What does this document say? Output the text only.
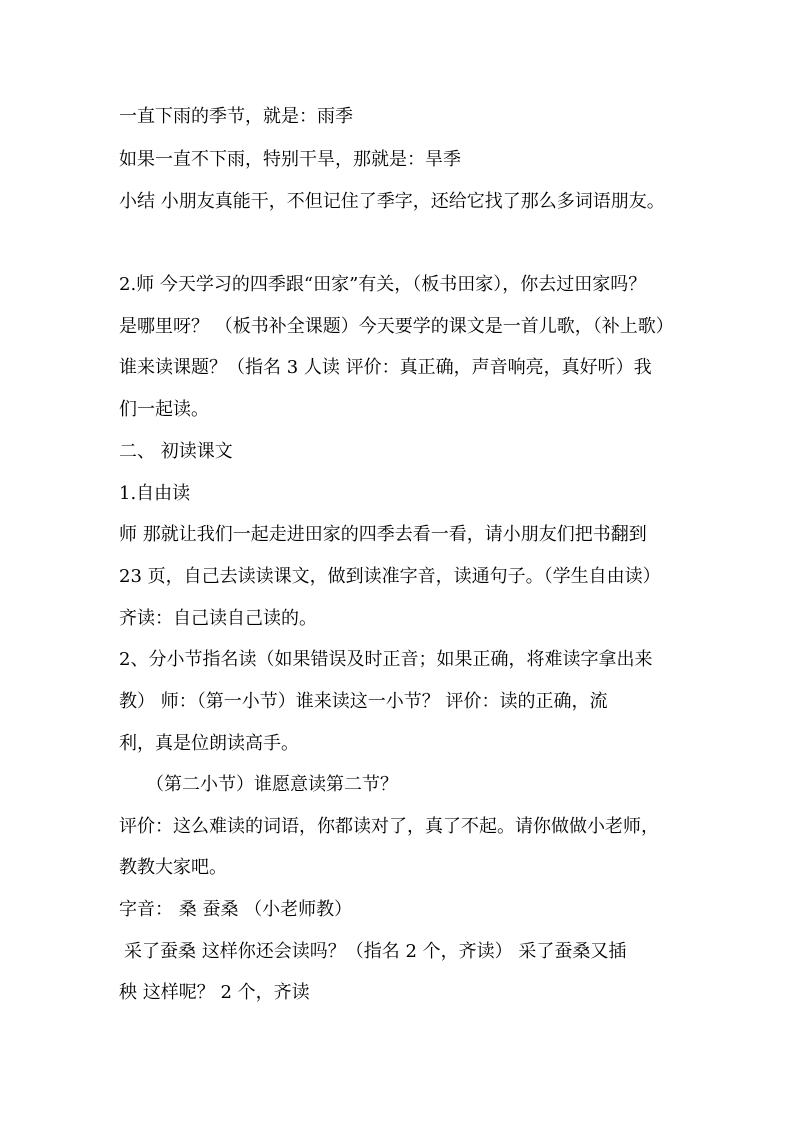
一直下雨的季节，就是：雨季
如果一直不下雨，特别干旱，那就是：旱季
小结 小朋友真能干，不但记住了季字，还给它找了那么多词语朋友。
2.师 今天学习的四季跟“田家”有关，（板书田家），你去过田家吗？
是哪里呀？ （板书补全课题）今天要学的课文是一首儿歌，（补上歌）
谁来读课题？（指名 3 人读 评价：真正确，声音响亮，真好听）我
们一起读。
二、 初读课文
1.自由读
师 那就让我们一起走进田家的四季去看一看，请小朋友们把书翻到
23 页，自己去读读课文，做到读准字音，读通句子。（学生自由读）
齐读：自己读自己读的。
2、分小节指名读（如果错误及时正音；如果正确，将难读字拿出来
教） 师：（第一小节）谁来读这一小节？ 评价：读的正确，流
利，真是位朗读高手。
（第二小节）谁愿意读第二节？
评价：这么难读的词语，你都读对了，真了不起。请你做做小老师，
教教大家吧。
字音： 桑 蚕桑 （小老师教）
采了蚕桑 这样你还会读吗？（指名 2 个，齐读） 采了蚕桑又插
秧 这样呢？ 2 个，齐读
